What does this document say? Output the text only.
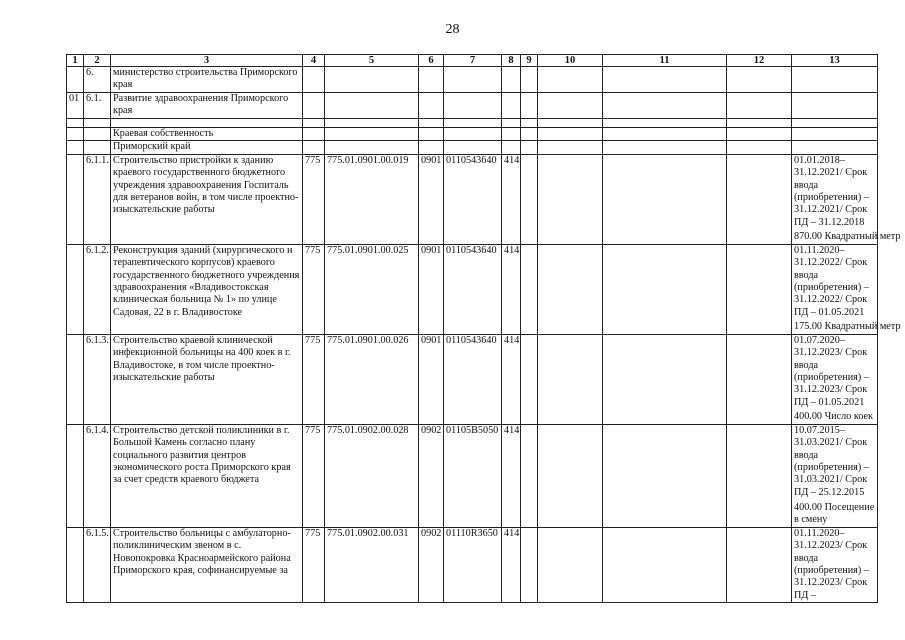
28
1	2	3	4	5	6	7	8	9	10	11	12	13
	6.	министерство строительства Приморского края										

01	6.1.	Развитие здравоохранения Приморского края										

		Краевая собственность										

		Приморский край										

	6.1.1.	Строительство пристройки к зданию краевого государственного бюджетного учреждения здравоохранения Госпиталь для ветеранов войн, в том числе проектно-изыскательские работы	775	775.01.0901.00.019	0901	0110543640	414					01.01.2018–31.12.2021/ Срок ввода (приобретения) – 31.12.2021/ Срок ПД – 31.12.2018
870.00 Квадратный метр

	6.1.2.	Реконструкция зданий (хирургического и терапевтического корпусов) краевого государственного бюджетного учреждения здравоохранения «Владивостокская клиническая больница № 1» по улице Садовая, 22 в г. Владивостоке	775	775.01.0901.00.025	0901	0110543640	414					01.11.2020–31.12.2022/ Срок ввода (приобретения) – 31.12.2022/ Срок ПД – 01.05.2021
175.00 Квадратный метр

	6.1.3.	Строительство краевой клинической инфекционной больницы на 400 коек в г. Владивостоке, в том числе проектно-изыскательские работы	775	775.01.0901.00.026	0901	0110543640	414					01.07.2020–31.12.2023/ Срок ввода (приобретения) – 31.12.2023/ Срок ПД – 01.05.2021
400.00 Число коек

	6.1.4.	Строительство детской поликлиники в г. Большой Камень согласно плану социального развития центров экономического роста Приморского края за счет средств краевого бюджета	775	775.01.0902.00.028	0902	01105B5050	414					10.07.2015–31.03.2021/ Срок ввода (приобретения) – 31.03.2021/ Срок ПД – 25.12.2015
400.00 Посещение в смену

	6.1.5.	Строительство больницы с амбулаторно-поликлиническим звеном в с. Новопокровка Красноармейского района Приморского края, софинансируемые за	775	775.01.0902.00.031	0902	01110R3650	414					01.11.2020–31.12.2023/ Срок ввода (приобретения) – 31.12.2023/ Срок ПД –
